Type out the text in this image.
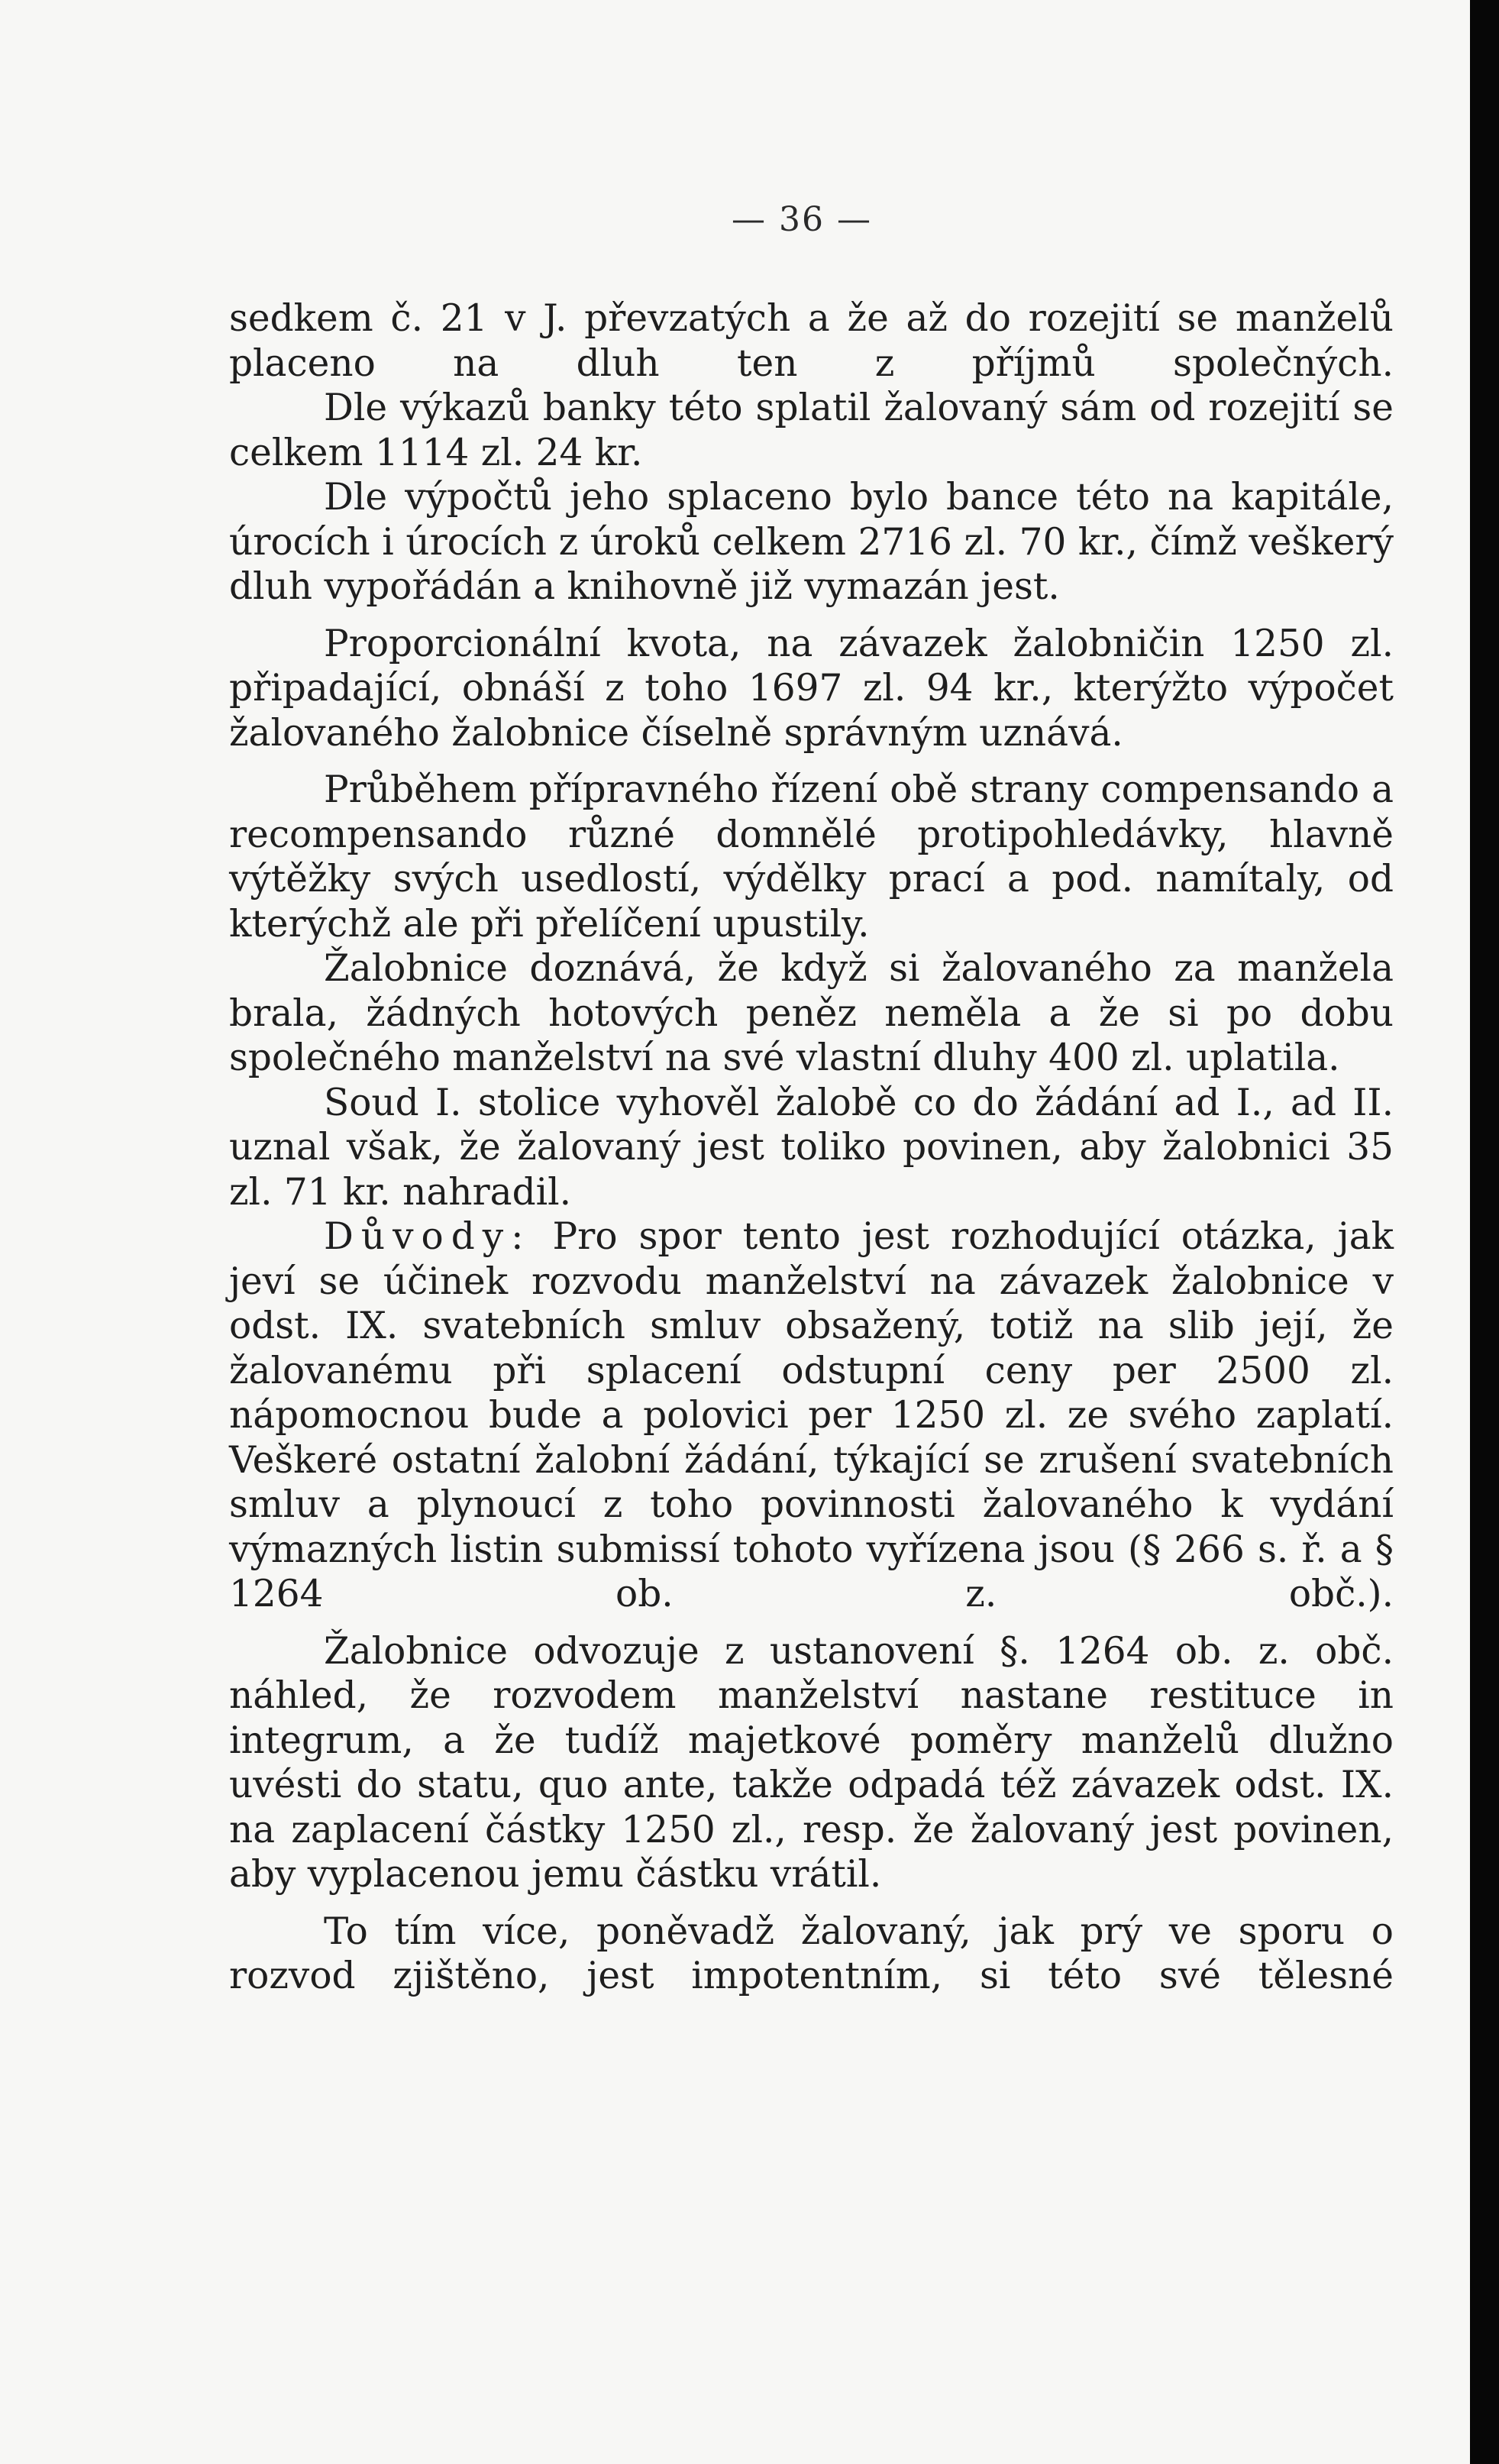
— 36 —

sedkem č. 21 v J. převzatých a že až do rozejití se manželů placeno na dluh ten z příjmů společných.

Dle výkazů banky této splatil žalovaný sám od rozejití se celkem 1114 zl. 24 kr.

Dle výpočtů jeho splaceno bylo bance této na kapitále, úrocích i úrocích z úroků celkem 2716 zl. 70 kr., čímž veškerý dluh vypořádán a knihovně již vymazán jest.

Proporcionální kvota, na závazek žalobničin 1250 zl. připadající, obnáší z toho 1697 zl. 94 kr., kterýžto výpočet žalovaného žalobnice číselně správným uznává.

Průběhem přípravného řízení obě strany compensando a recompensando různé domnělé protipohledávky, hlavně výtěžky svých usedlostí, výdělky prací a pod. namítaly, od kterýchž ale při přelíčení upustily.

Žalobnice doznává, že když si žalovaného za manžela brala, žádných hotových peněz neměla a že si po dobu společného manželství na své vlastní dluhy 400 zl. uplatila.

Soud I. stolice vyhověl žalobě co do žádání ad I., ad II. uznal však, že žalovaný jest toliko povinen, aby žalobnici 35 zl. 71 kr. nahradil.

Důvody: Pro spor tento jest rozhodující otázka, jak jeví se účinek rozvodu manželství na závazek žalobnice v odst. IX. svatebních smluv obsažený, totiž na slib její, že žalovanému při splacení odstupní ceny per 2500 zl. nápomocnou bude a polovici per 1250 zl. ze svého zaplatí. Veškeré ostatní žalobní žádání, týkající se zrušení svatebních smluv a plynoucí z toho povinnosti žalovaného k vydání výmazných listin submissí tohoto vyřízena jsou (§ 266 s. ř. a § 1264 ob. z. obč.).

Žalobnice odvozuje z ustanovení §. 1264 ob. z. obč. náhled, že rozvodem manželství nastane restituce in integrum, a že tudíž majetkové poměry manželů dlužno uvésti do statu, quo ante, takže odpadá též závazek odst. IX. na zaplacení částky 1250 zl., resp. že žalovaný jest povinen, aby vyplacenou jemu částku vrátil.

To tím více, poněvadž žalovaný, jak prý ve sporu o rozvod zjištěno, jest impotentním, si této své tělesné
